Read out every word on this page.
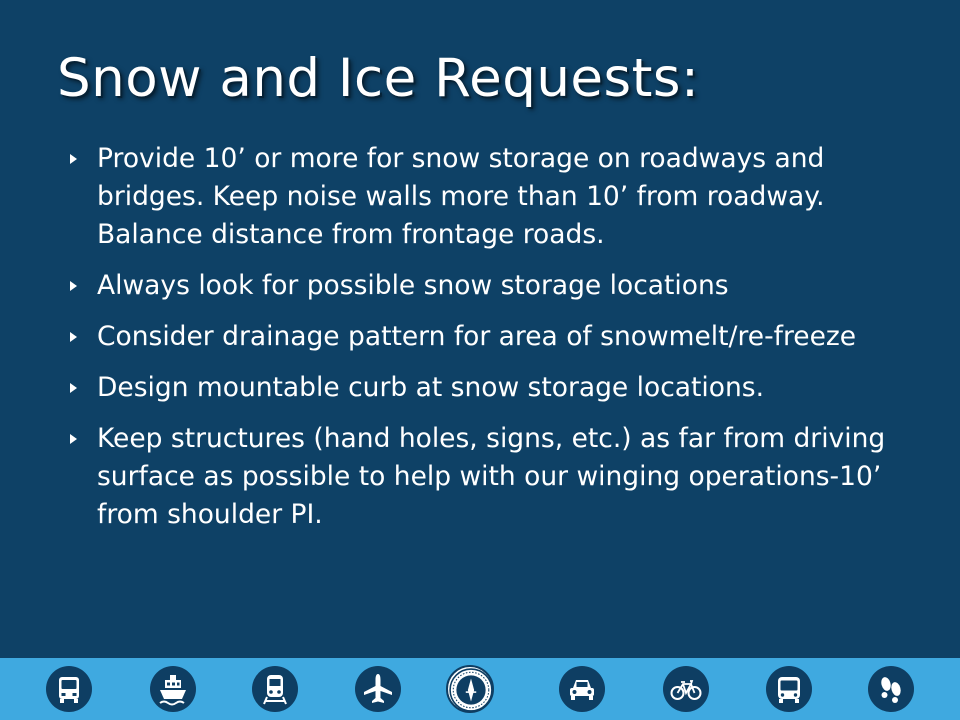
Snow and Ice Requests:
Provide 10’ or more for snow storage on roadways and bridges. Keep noise walls more than 10’ from roadway. Balance distance from frontage roads.
Always look for possible snow storage locations
Consider drainage pattern for area of snowmelt/re-freeze
Design mountable curb at snow storage locations.
Keep structures (hand holes, signs, etc.) as far from driving surface as possible to help with our winging operations-10’ from shoulder PI.
